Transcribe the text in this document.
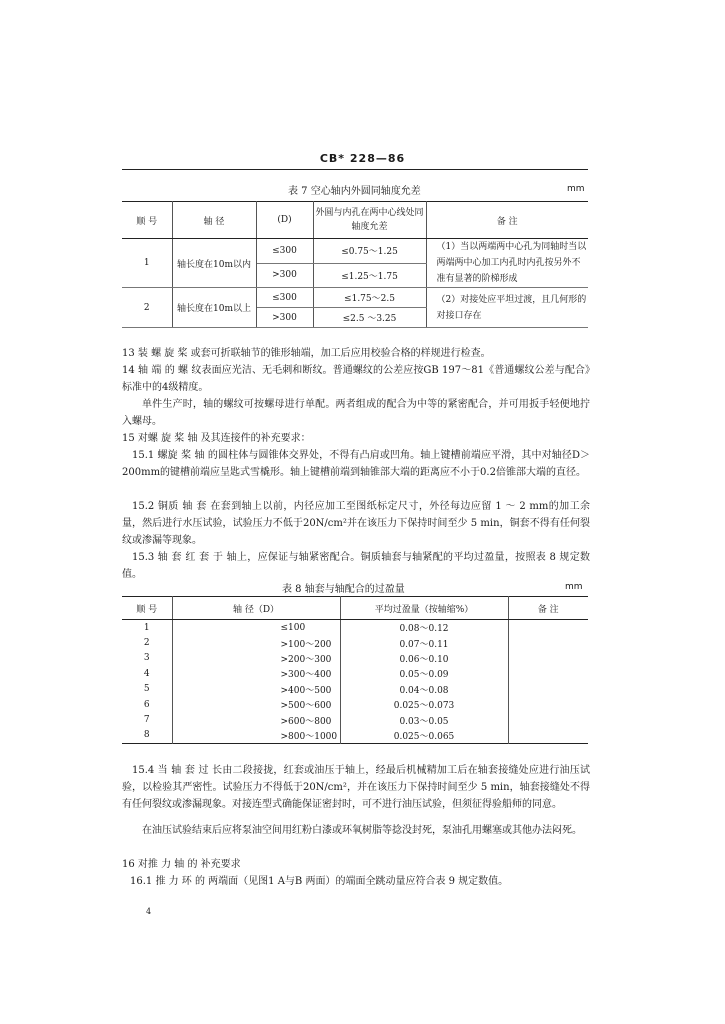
CB* 228—86
表 7 空心轴内外圆同轴度允差	mm
顺 号	轴 径	(D)	外圆与内孔在两中心线处同轴度允差	备 注
1	轴长度在10m以内	≤300	≤0.75～1.25	（1）当以两端两中心孔为同轴时当以两端两中心加工内孔时内孔按另外不准有显著的阶梯形成
		>300	≤1.25～1.75	
2	轴长度在10m以上	≤300	≤1.75～2.5	（2）对接处应平坦过渡，且几何形的对接口存在
		>300	≤2.5 ～3.25	
13 装 螺 旋 桨 或套可折联轴节的锥形轴端，加工后应用校验合格的样规进行检查。
14 轴 端 的 螺 纹表面应光洁、无毛刺和断纹。普通螺纹的公差应按GB 197～81《普通螺纹公差与配合》标准中的4级精度。
单件生产时，轴的螺纹可按螺母进行单配。两者组成的配合为中等的紧密配合，并可用扳手轻便地拧入螺母。
15 对螺 旋 桨 轴 及其连接件的补充要求：
15.1 螺旋 桨 轴 的圆柱体与圆锥体交界处，不得有凸肩或凹角。轴上键槽前端应平滑，其中对轴径D＞200mm的键槽前端应呈匙式雪橇形。轴上键槽前端到轴锥部大端的距离应不小于0.2倍锥部大端的直径。
15.2 铜质 轴 套 在套到轴上以前，内径应加工至图纸标定尺寸，外径每边应留 1 ～ 2 mm的加工余量，然后进行水压试验，试验压力不低于20N/cm²并在该压力下保持时间至少 5 min，铜套不得有任何裂纹或渗漏等现象。
15.3 轴 套 红 套 于 轴上，应保证与轴紧密配合。铜质轴套与轴紧配的平均过盈量，按照表 8 规定数值。
表 8 轴套与轴配合的过盈量	mm
顺 号	轴 径（D）	平均过盈量（按轴缩%）	备 注
1	≤100	0.08～0.12	
2	>100～200	0.07～0.11	
3	>200～300	0.06～0.10	
4	>300～400	0.05～0.09	
5	>400～500	0.04～0.08	
6	>500～600	0.025～0.073	
7	>600～800	0.03～0.05	
8	>800～1000	0.025～0.065	
15.4 当 轴 套 过 长由二段接拢，红套或油压于轴上，经最后机械精加工后在轴套接缝处应进行油压试验，以检验其严密性。试验压力不得低于20N/cm²，并在该压力下保持时间至少 5 min，轴套接缝处不得有任何裂纹或渗漏现象。对接连型式确能保证密封时，可不进行油压试验，但须征得验船师的同意。
在油压试验结束后应将泵油空间用红粉白漆或环氧树脂等捻没封死，泵油孔用螺塞或其他办法闷死。
16 对推 力 轴 的 补充要求
16.1 推 力 环 的 两端面（见图1 A与B 两面）的端面全跳动量应符合表 9 规定数值。
4
